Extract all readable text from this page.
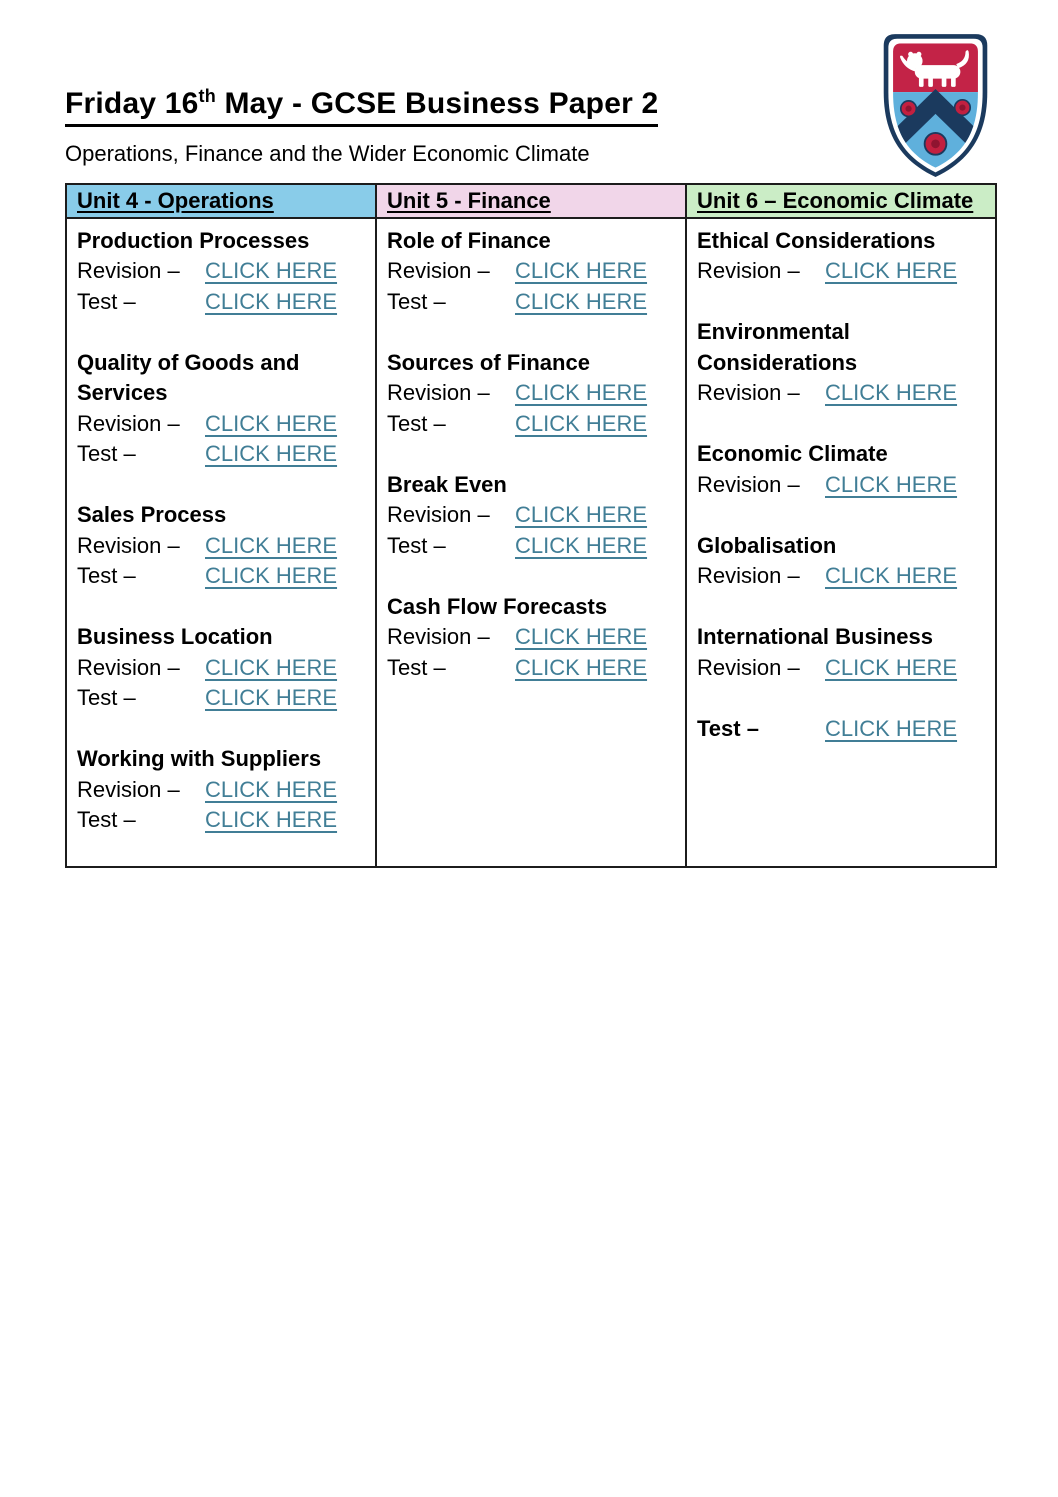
Friday 16th May - GCSE Business Paper 2

Operations, Finance and the Wider Economic Climate

Unit 4 - Operations	Unit 5 - Finance	Unit 6 – Economic Climate

Production Processes
Revision –	CLICK HERE
Test –	CLICK HERE
Quality of Goods and Services
Revision –	CLICK HERE
Test –	CLICK HERE
Sales Process
Revision –	CLICK HERE
Test –	CLICK HERE
Business Location
Revision –	CLICK HERE
Test –	CLICK HERE
Working with Suppliers
Revision –	CLICK HERE
Test –	CLICK HERE

Role of Finance
Revision –	CLICK HERE
Test –	CLICK HERE
Sources of Finance
Revision –	CLICK HERE
Test –	CLICK HERE
Break Even
Revision –	CLICK HERE
Test –	CLICK HERE
Cash Flow Forecasts
Revision –	CLICK HERE
Test –	CLICK HERE

Ethical Considerations
Revision –	CLICK HERE
Environmental Considerations
Revision –	CLICK HERE
Economic Climate
Revision –	CLICK HERE
Globalisation
Revision –	CLICK HERE
International Business
Revision –	CLICK HERE
Test –	CLICK HERE
